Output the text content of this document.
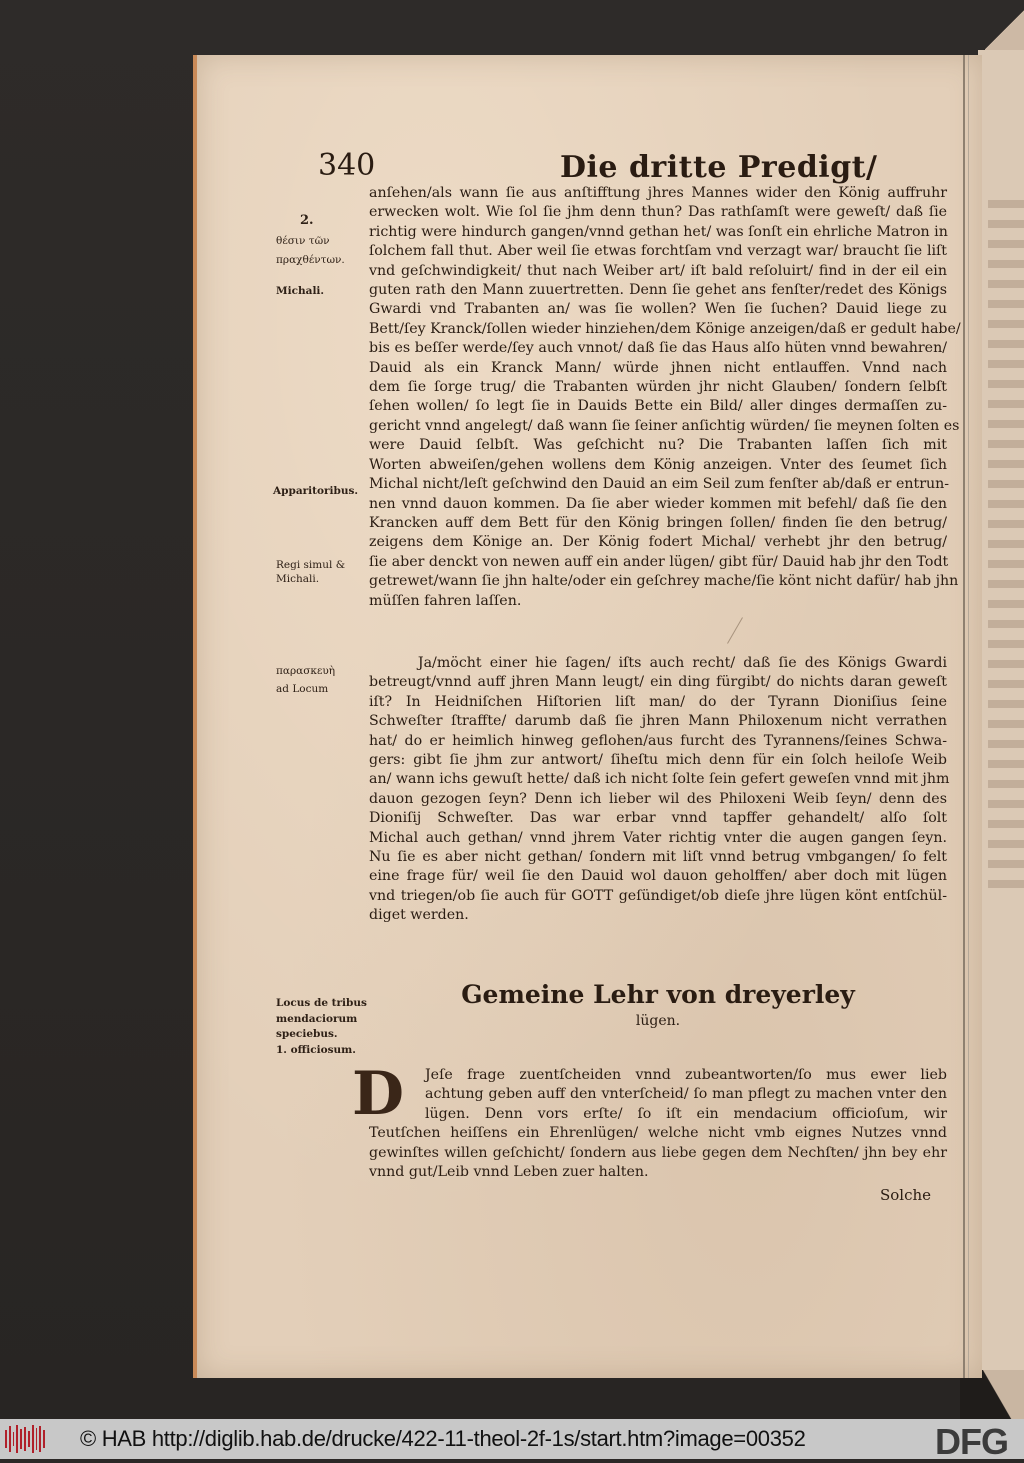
340	Die dritte Predigt/
2.
θέσιν τῶν
πραχθέντων.
Michali.
Apparitoribus.
Regi simul &
Michali.
παρασκευὴ
ad Locum
Locus de tribus
mendaciorum
speciebus.
1. officiosum.
anſehen/als wann ſie aus anſtifftung jhres Mannes wider den König auffruhr
erwecken wolt. Wie ſol ſie jhm denn thun? Das rathſamſt were geweſt/ daß ſie
richtig were hindurch gangen/vnnd gethan het/ was ſonſt ein ehrliche Matron in
ſolchem fall thut. Aber weil ſie etwas forchtſam vnd verzagt war/ braucht ſie liſt
vnd geſchwindigkeit/ thut nach Weiber art/ iſt bald reſoluirt/ find in der eil ein
guten rath den Mann zuuertretten. Denn ſie gehet ans fenſter/redet des Königs
Gwardi vnd Trabanten an/ was ſie wollen? Wen ſie ſuchen? Dauid liege zu
Bett/ſey Kranck/ſollen wieder hinziehen/dem Könige anzeigen/daß er gedult habe/
bis es beſſer werde/ſey auch vnnot/ daß ſie das Haus alſo hüten vnnd bewahren/
Dauid als ein Kranck Mann/ würde jhnen nicht entlauffen. Vnnd nach
dem ſie ſorge trug/ die Trabanten würden jhr nicht Glauben/ ſondern ſelbſt
ſehen wollen/ ſo legt ſie in Dauids Bette ein Bild/ aller dinges dermaſſen zu-
gericht vnnd angelegt/ daß wann ſie ſeiner anſichtig würden/ ſie meynen ſolten es
were Dauid ſelbſt. Was geſchicht nu? Die Trabanten laſſen ſich mit
Worten abweiſen/gehen wollens dem König anzeigen. Vnter des ſeumet ſich
Michal nicht/leſt geſchwind den Dauid an eim Seil zum fenſter ab/daß er entrun-
nen vnnd dauon kommen. Da ſie aber wieder kommen mit befehl/ daß ſie den
Krancken auff dem Bett für den König bringen ſollen/ finden ſie den betrug/
zeigens dem Könige an. Der König fodert Michal/ verhebt jhr den betrug/
ſie aber denckt von newen auff ein ander lügen/ gibt für/ Dauid hab jhr den Todt
getrewet/wann ſie jhn halte/oder ein geſchrey mache/ſie könt nicht dafür/ hab jhn
müſſen fahren laſſen.
Ja/möcht einer hie ſagen/ iſts auch recht/ daß ſie des Königs Gwardi
betreugt/vnnd auff jhren Mann leugt/ ein ding fürgibt/ do nichts daran geweſt
iſt? In Heidniſchen Hiſtorien liſt man/ do der Tyrann Dioniſius ſeine
Schweſter ſtraffte/ darumb daß ſie jhren Mann Philoxenum nicht verrathen
hat/ do er heimlich hinweg geflohen/aus furcht des Tyrannens/ſeines Schwa-
gers: gibt ſie jhm zur antwort/ ſiheſtu mich denn für ein ſolch heiloſe Weib
an/ wann ichs gewuſt hette/ daß ich nicht ſolte ſein gefert geweſen vnnd mit jhm
dauon gezogen ſeyn? Denn ich lieber wil des Philoxeni Weib ſeyn/ denn des
Dioniſij Schweſter. Das war erbar vnnd tapffer gehandelt/ alſo ſolt
Michal auch gethan/ vnnd jhrem Vater richtig vnter die augen gangen ſeyn.
Nu ſie es aber nicht gethan/ ſondern mit liſt vnnd betrug vmbgangen/ ſo felt
eine frage für/ weil ſie den Dauid wol dauon geholffen/ aber doch mit lügen
vnd triegen/ob ſie auch für GOTT geſündiget/ob dieſe jhre lügen könt entſchül-
diget werden.
Gemeine Lehr von dreyerley
lügen.
D	Jeſe frage zuentſcheiden vnnd zubeantworten/ſo mus ewer lieb
achtung geben auff den vnterſcheid/ ſo man pflegt zu machen vnter den
lügen. Denn vors erſte/ ſo iſt ein mendacium officioſum, wir
Teutſchen heiſſens ein Ehrenlügen/ welche nicht vmb eignes Nutzes vnnd
gewinſtes willen geſchicht/ ſondern aus liebe gegen dem Nechſten/ jhn bey ehr
vnnd gut/Leib vnnd Leben zuer halten.
Solche
© HAB http://diglib.hab.de/drucke/422-11-theol-2f-1s/start.htm?image=00352	DFG
